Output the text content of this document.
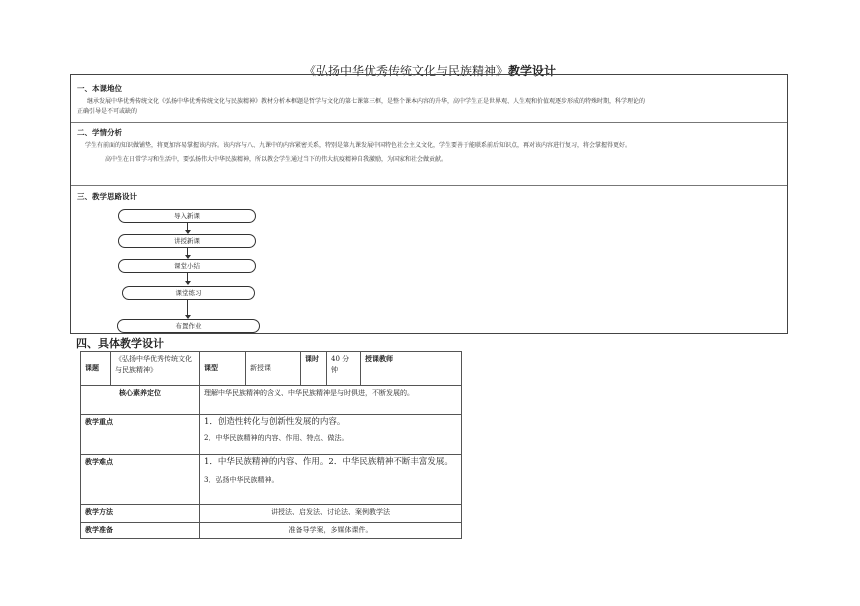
《弘扬中华优秀传统文化与民族精神》教学设计
一、本课地位
继承发展中华优秀传统文化《弘扬中华优秀传统文化与民族精神》教材分析本框题是哲学与文化的第七课第三框，是整个课本内容的升华，高中学生正是世界观、人生观和价值观逐步形成的特殊时期，科学理论的
正确引导是不可或缺的
二、学情分析
学生有前面的知识做铺垫，将更加容易掌握该内容。该内容与八、九课中的内容紧密关系，特别是第九课发展中国特色社会主义文化，学生要善于能联系前后知识点，再对该内容进行复习，将会掌握得更好。
高中生在日常学习和生活中，要弘扬伟大中华民族精神，所以教会学生通过当下的伟大抗疫精神自我激励，为国家和社会做贡献。
三、教学思路设计
导入新课
讲授新课
课堂小结
课堂练习
布置作业
四、具体教学设计
课题	《弘扬中华优秀传统文化与民族精神》	课型	新授课	课时	40 分钟	授课教师
核心素养定位		理解中华民族精神的含义、中华民族精神是与时俱进，不断发展的。				
教学重点		1．创造性转化与创新性发展的内容。
2．中华民族精神的内容、作用、特点、做法。				

教学难点		1．中华民族精神的内容、作用。2．中华民族精神不断丰富发展。
3．弘扬中华民族精神。				

教学方法		讲授法、启发法、讨论法、案例教学法				
教学准备		准备导学案，多媒体课件。				
